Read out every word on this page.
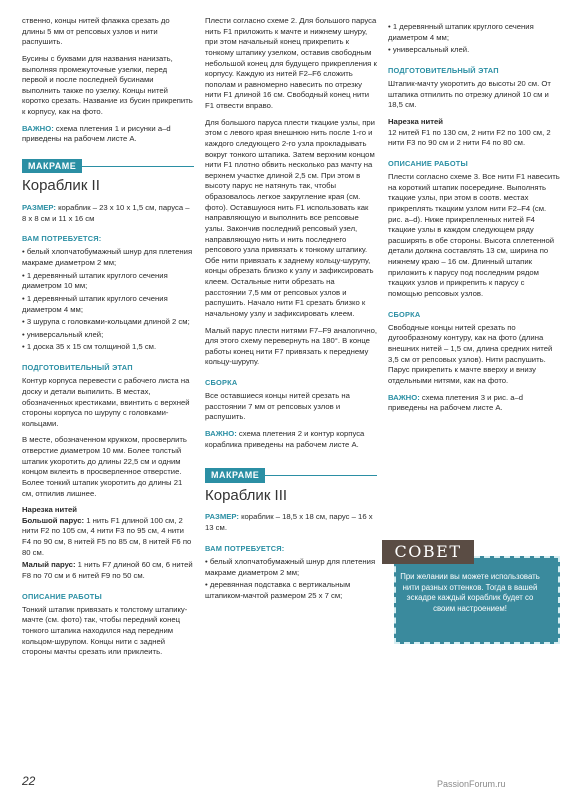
ственно, концы нитей флажка срезать до длины 5 мм от репсовых узлов и нити распушить.

Бусины с буквами для названия нанизать, выполняя промежуточные узелки, перед первой и после последней бусинами выполнить также по узелку. Концы нитей коротко срезать. Название из бусин прикрепить к корпусу, как на фото.

ВАЖНО: схема плетения 1 и рисунки а–d приведены на рабочем листе А.

МАКРАМЕ
Кораблик II

РАЗМЕР: кораблик – 23 х 10 х 1,5 см, паруса – 8 х 8 см и 11 х 16 см

ВАМ ПОТРЕБУЕТСЯ:

• белый хлопчатобумажный шнур для плетения макраме диаметром 2 мм;

• 1 деревянный штапик круглого сечения диаметром 10 мм;

• 1 деревянный штапик круглого сечения диаметром 4 мм;

• 3 шурупа с головками-кольцами длиной 2 см;

• универсальный клей;

• 1 доска 35 х 15 см толщиной 1,5 см.

ПОДГОТОВИТЕЛЬНЫЙ ЭТАП

Контур корпуса перевести с рабочего листа на доску и детали выпилить. В местах, обозначенных крестиками, ввинтить с верхней стороны корпуса по шурупу с головками-кольцами.

В месте, обозначенном кружком, просверлить отверстие диаметром 10 мм. Более толстый штапик укоротить до длины 22,5 см и одним концом вклеить в просверленное отверстие. Более тонкий штапик укоротить до длины 21 см, отпилив лишнее.

Нарезка нитей

Большой парус: 1 нить F1 длиной 100 см, 2 нити F2 по 105 см, 4 нити F3 по 95 см, 4 нити F4 по 90 см, 8 нитей F5 по 85 см, 8 нитей F6 по 80 см.

Малый парус: 1 нить F7 длиной 60 см, 6 нитей F8 по 70 см и 6 нитей F9 по 50 см.

ОПИСАНИЕ РАБОТЫ

Тонкий штапик привязать к толстому штапику-мачте (см. фото) так, чтобы передний конец тонкого штапика находился над передним кольцом-шурупом. Концы нити с задней стороны мачты срезать или приклеить.

Плести согласно схеме 2. Для большого паруса нить F1 приложить к мачте и нижнему шнуру, при этом начальный конец прикрепить к тонкому штапику узелком, оставив свободным небольшой конец для будущего прикрепления к корпусу. Каждую из нитей F2–F6 сложить пополам и равномерно навесить по отрезку нити F1 длиной 16 см. Свободный конец нити F1 отвести вправо.

Для большого паруса плести ткацкие узлы, при этом с левого края внешнюю нить после 1-го и каждого следующего 2-го узла прокладывать вокруг тонкого штапика. Затем верхним концом нити F1 плотно обвить несколько раз мачту на верхнем участке длиной 2,5 см. При этом в высоту парус не натянуть так, чтобы образовалось легкое закругление края (см. фото). Оставшуюся нить F1 использовать как направляющую и выполнить все репсовые узлы. Закончив последний репсовый узел, направляющую нить и нить последнего репсового узла привязать к тонкому штапику. Обе нити привязать к заднему кольцу-шурупу, концы обрезать близко к узлу и зафиксировать клеем. Остальные нити обрезать на расстоянии 7,5 мм от репсовых узлов и распушить. Начало нити F1 срезать близко к начальному узлу и зафиксировать клеем.

Малый парус плести нитями F7–F9 аналогично, для этого схему перевернуть на 180°. В конце работы конец нити F7 привязать к переднему кольцу-шурупу.

СБОРКА

Все оставшиеся концы нитей срезать на расстоянии 7 мм от репсовых узлов и распушить.

ВАЖНО: схема плетения 2 и контур корпуса кораблика приведены на рабочем листе А.

МАКРАМЕ
Кораблик III

РАЗМЕР: кораблик – 18,5 х 18 см, парус – 16 х 13 см.

ВАМ ПОТРЕБУЕТСЯ:

• белый хлопчатобумажный шнур для плетения макраме диаметром 2 мм;

• деревянная подставка с вертикальным штапиком-мачтой размером 25 х 7 см;

• 1 деревянный штапик круглого сечения диаметром 4 мм;

• универсальный клей.

ПОДГОТОВИТЕЛЬНЫЙ ЭТАП

Штапик-мачту укоротить до высоты 20 см. От штапика отпилить по отрезку длиной 10 см и 18,5 см.

Нарезка нитей

12 нитей F1 по 130 см, 2 нити F2 по 100 см, 2 нити F3 по 90 см и 2 нити F4 по 80 см.

ОПИСАНИЕ РАБОТЫ

Плести согласно схеме 3. Все нити F1 навесить на короткий штапик посередине. Выполнять ткацкие узлы, при этом в соотв. местах прикреплять ткацким узлом нити F2–F4 (см. рис. а–d). Ниже прикрепленных нитей F4 ткацкие узлы в каждом следующем ряду расширять в обе стороны. Высота сплетенной детали должна составлять 13 см, ширина по нижнему краю – 16 см. Длинный штапик приложить к парусу под последним рядом ткацких узлов и прикрепить к парусу с помощью репсовых узлов.

СБОРКА

Свободные концы нитей срезать по дугообразному контуру, как на фото (длина внешних нитей – 1,5 см, длина средних нитей 3,5 см от репсовых узлов). Нити распушить. Парус прикрепить к мачте вверху и внизу отдельными нитями, как на фото.

ВАЖНО: схема плетения 3 и рис. а–d приведены на рабочем листе А.

СОВЕТ
При желании вы можете использовать нити разных оттенков. Тогда в вашей эскадре каждый кораблик будет со своим настроением!
22	PassionForum.ru
